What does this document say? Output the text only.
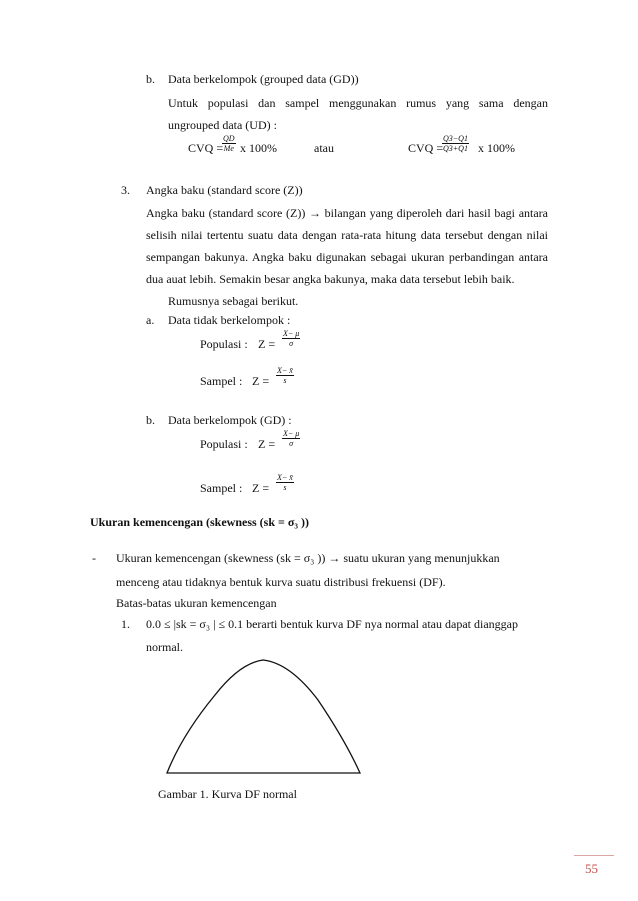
b. Data berkelompok (grouped data (GD))
Untuk populasi dan sampel menggunakan rumus yang sama dengan
ungrouped data (UD) :
CVQ =
$\frac{QD}{Me}$ x 100%	atau	CVQ =
$\frac{Q3-Q1}{Q3+Q1}$ x 100%
3. Angka baku (standard score (Z))
Angka baku (standard score (Z)) → bilangan yang diperoleh dari hasil bagi antara
selisih nilai tertentu suatu data dengan rata-rata hitung data tersebut dengan nilai
sempangan bakunya. Angka baku digunakan sebagai ukuran perbandingan antara
dua auat lebih. Semakin besar angka bakunya, maka data tersebut lebih baik.
Rumusnya sebagai berikut.
a. Data tidak berkelompok :
Populasi : $Z = \frac{X- \mu}{\sigma}$
Sampel : $Z = \frac{X- x̄}{s}$
b. Data berkelompok (GD) :
Populasi : $Z = \frac{X- \mu}{\sigma}$
Sampel : $Z = \frac{X- x̄}{s}$
Ukuran kemencengan (skewness (sk = σ₃ ))
- Ukuran kemencengan (skewness (sk = σ₃ )) → suatu ukuran yang menunjukkan
menceng atau tidaknya bentuk kurva suatu distribusi frekuensi (DF).
Batas-batas ukuran kemencengan
1. 0.0 ≤ |sk = σ₃ | ≤ 0.1 berarti bentuk kurva DF nya normal atau dapat dianggap
normal.
Gambar 1. Kurva DF normal
55
